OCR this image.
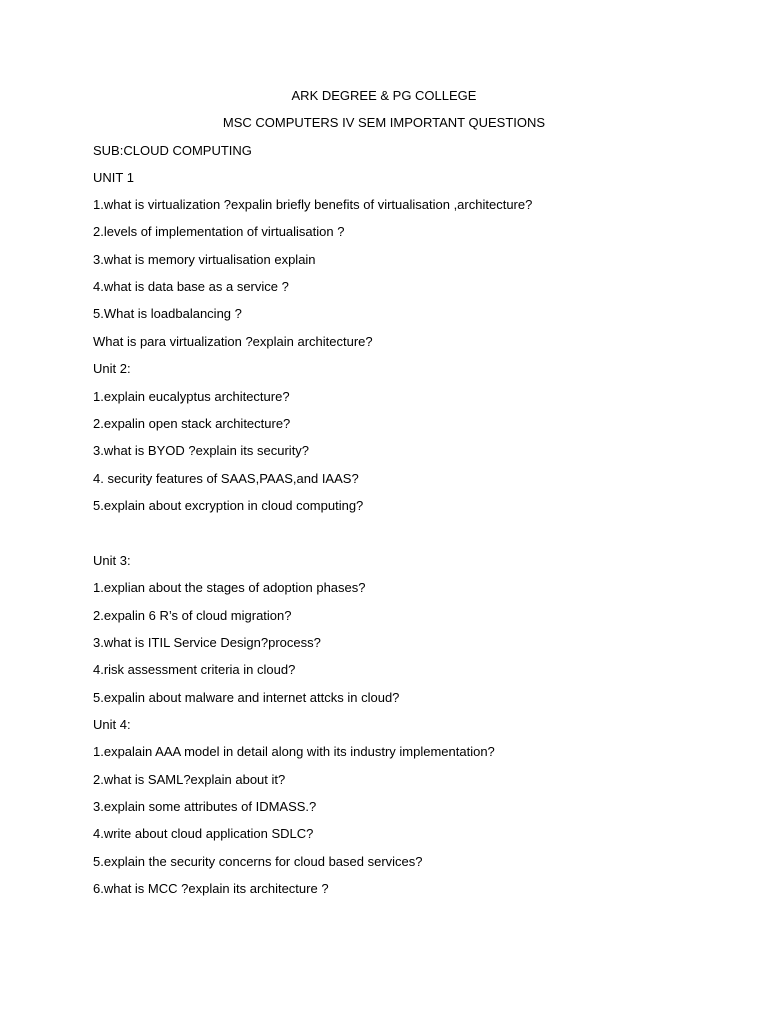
ARK DEGREE & PG COLLEGE
MSC COMPUTERS IV SEM IMPORTANT QUESTIONS
SUB:CLOUD COMPUTING
UNIT 1
1.what is virtualization ?expalin briefly benefits of virtualisation ,architecture?
2.levels of implementation of virtualisation ?
3.what is memory virtualisation explain
4.what is data base as a service ?
5.What is loadbalancing ?
What is para virtualization ?explain architecture?
Unit 2:
1.explain eucalyptus architecture?
2.expalin open stack architecture?
3.what is BYOD ?explain its security?
4. security features of SAAS,PAAS,and IAAS?
5.explain about excryption in cloud computing?
Unit 3:
1.explian about the stages of adoption phases?
2.expalin 6 R’s of cloud migration?
3.what is ITIL Service Design?process?
4.risk assessment criteria in cloud?
5.expalin about malware and internet attcks in cloud?
Unit 4:
1.expalain AAA model in detail along with its industry implementation?
2.what is SAML?explain about it?
3.explain some attributes of IDMASS.?
4.write about cloud application SDLC?
5.explain the security concerns for cloud based services?
6.what is MCC ?explain its architecture ?
